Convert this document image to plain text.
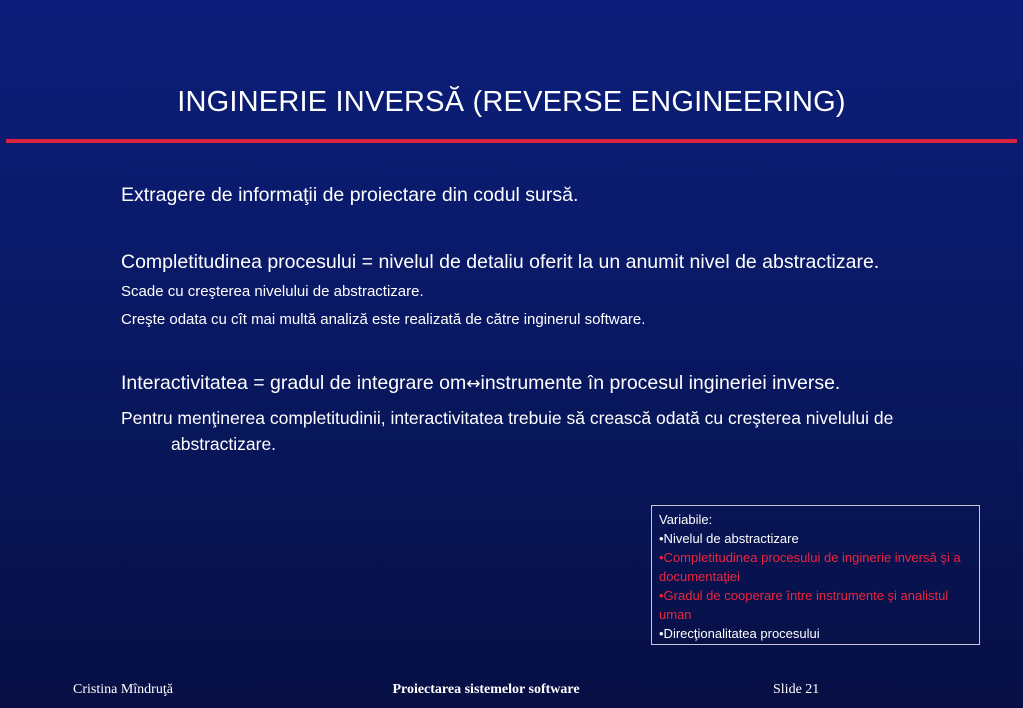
INGINERIE INVERSĂ (REVERSE ENGINEERING)

Extragere de informaţii de proiectare din codul sursă.

Completitudinea procesului = nivelul de detaliu oferit la un anumit nivel de abstractizare.

Scade cu creşterea nivelului de abstractizare.

Creşte odata cu cît mai multă analiză este realizată de către inginerul software.

Interactivitatea = gradul de integrare om↔instrumente în procesul ingineriei inverse.

Pentru menţinerea completitudinii, interactivitatea trebuie să crească odată cu creşterea nivelului de abstractizare.

Variabile:
•Nivelul de abstractizare
•Completitudinea procesului de inginerie inversă şi a documentaţiei
•Gradul de cooperare între instrumente şi analistul uman
•Direcţionalitatea procesului
Cristina Mîndruţă	Proiectarea sistemelor software	Slide 21
